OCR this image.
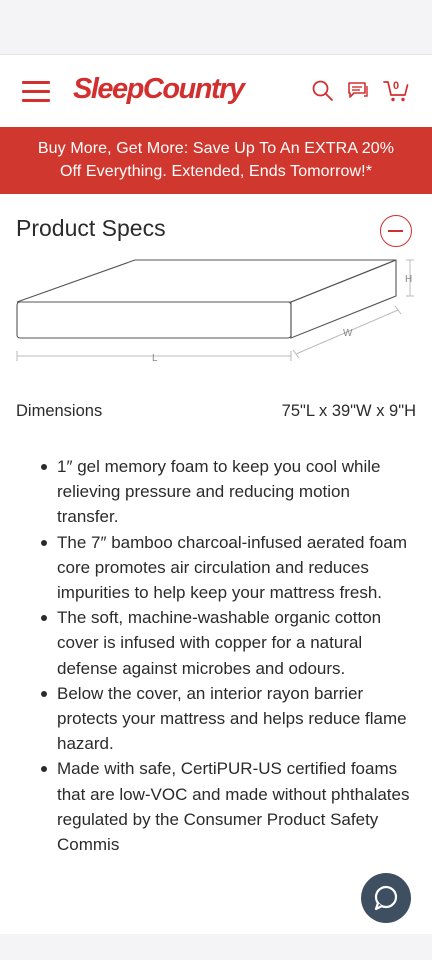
SleepCountry	0
Buy More, Get More: Save Up To An EXTRA 20%
Off Everything. Extended, Ends Tomorrow!*
Product Specs
L
W
H
Dimensions	75"L x 39"W x 9"H
1″ gel memory foam to keep you cool while relieving pressure and reducing motion transfer.
The 7″ bamboo charcoal-infused aerated foam core promotes air circulation and reduces impurities to help keep your mattress fresh.
The soft, machine-washable organic cotton cover is infused with copper for a natural defense against microbes and odours.
Below the cover, an interior rayon barrier protects your mattress and helps reduce flame hazard.
Made with safe, CertiPUR-US certified foams that are low-VOC and made without phthalates regulated by the Consumer Product Safety Commis
